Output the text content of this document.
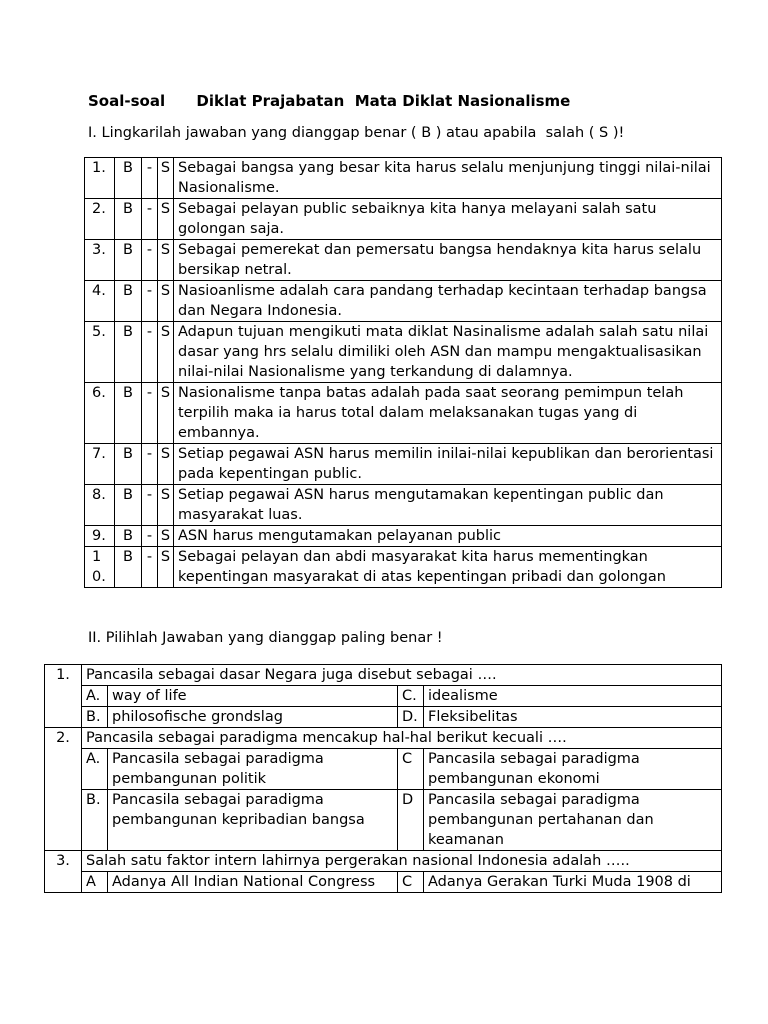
Soal-soal      Diklat Prajabatan  Mata Diklat Nasionalisme
I. Lingkarilah jawaban yang dianggap benar ( B ) atau apabila  salah ( S )!
1.	B	-	S	Sebagai bangsa yang besar kita harus selalu menjunjung tinggi nilai-nilai Nasionalisme.
2.	B	-	S	Sebagai pelayan public sebaiknya kita hanya melayani salah satu golongan saja.
3.	B	-	S	Sebagai pemerekat dan pemersatu bangsa hendaknya kita harus selalu bersikap netral.
4.	B	-	S	Nasioanlisme adalah cara pandang terhadap kecintaan terhadap bangsa dan Negara Indonesia.
5.	B	-	S	Adapun tujuan mengikuti mata diklat Nasinalisme adalah salah satu nilai dasar yang hrs selalu dimiliki oleh ASN dan mampu mengaktualisasikan nilai-nilai Nasionalisme yang terkandung di dalamnya.
6.	B	-	S	Nasionalisme tanpa batas adalah pada saat seorang pemimpun telah terpilih maka ia harus total dalam melaksanakan tugas yang di embannya.
7.	B	-	S	Setiap pegawai ASN harus memilin inilai-nilai kepublikan dan berorientasi pada kepentingan public.
8.	B	-	S	Setiap pegawai ASN harus mengutamakan kepentingan public dan masyarakat luas.
9.	B	-	S	ASN harus mengutamakan pelayanan public
10.	B	-	S	Sebagai pelayan dan abdi masyarakat kita harus mementingkan kepentingan masyarakat di atas kepentingan pribadi dan golongan
II. Pilihlah Jawaban yang dianggap paling benar !
1.	Pancasila sebagai dasar Negara juga disebut sebagai ….			
	A.	way of life	C.	idealisme
	B.	philosofische grondslag	D.	Fleksibelitas
2.	Pancasila sebagai paradigma mencakup hal-hal berikut kecuali ….			
	A.	Pancasila sebagai paradigma pembangunan politik	C	Pancasila sebagai paradigma pembangunan ekonomi
	B.	Pancasila sebagai paradigma pembangunan kepribadian bangsa	D	Pancasila sebagai paradigma pembangunan pertahanan dan keamanan
3.	Salah satu faktor intern lahirnya pergerakan nasional Indonesia adalah …..			
	A	Adanya All Indian National Congress	C	Adanya Gerakan Turki Muda 1908 di
